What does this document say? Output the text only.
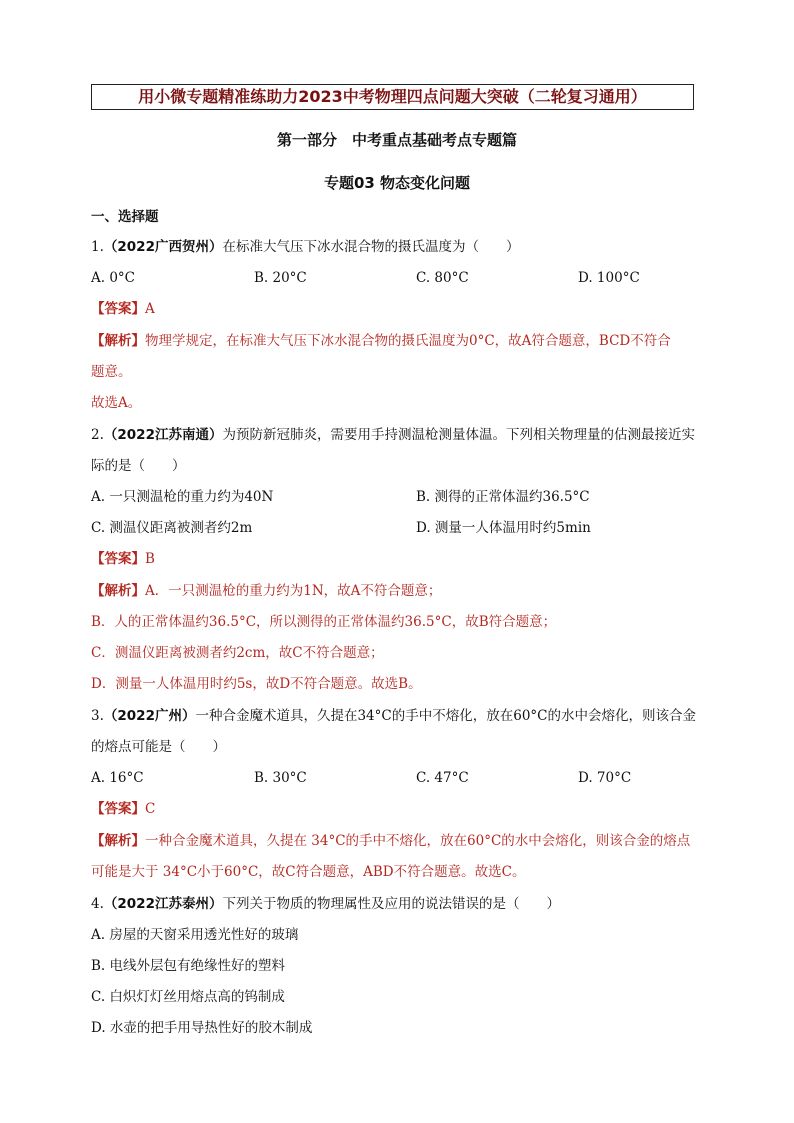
用小微专题精准练助力2023中考物理四点问题大突破（二轮复习通用）
第一部分　中考重点基础考点专题篇
专题03 物态变化问题
一、选择题
1.（2022广西贺州）在标准大气压下冰水混合物的摄氏温度为（　　）
A. 0°C	B. 20°C	C. 80°C	D. 100°C
【答案】A
【解析】物理学规定，在标准大气压下冰水混合物的摄氏温度为0°C，故A符合题意，BCD不符合
题意。
故选A。
2.（2022江苏南通）为预防新冠肺炎，需要用手持测温枪测量体温。下列相关物理量的估测最接近实
际的是（　　）
A. 一只测温枪的重力约为40N	B. 测得的正常体温约36.5°C
C. 测温仪距离被测者约2m	D. 测量一人体温用时约5min
【答案】B
【解析】A．一只测温枪的重力约为1N，故A不符合题意；
B．人的正常体温约36.5°C，所以测得的正常体温约36.5°C，故B符合题意；
C．测温仪距离被测者约2cm，故C不符合题意；
D．测量一人体温用时约5s，故D不符合题意。故选B。
3.（2022广州）一种合金魔术道具，久提在34°C的手中不熔化，放在60°C的水中会熔化，则该合金
的熔点可能是（　　）
A. 16°C	B. 30°C	C. 47°C	D. 70°C
【答案】C
【解析】一种合金魔术道具，久提在 34°C的手中不熔化，放在60°C的水中会熔化，则该合金的熔点
可能是大于 34°C小于60°C，故C符合题意，ABD不符合题意。故选C。
4.（2022江苏泰州）下列关于物质的物理属性及应用的说法错误的是（　　）
A. 房屋的天窗采用透光性好的玻璃
B. 电线外层包有绝缘性好的塑料
C. 白炽灯灯丝用熔点高的钨制成
D. 水壶的把手用导热性好的胶木制成
